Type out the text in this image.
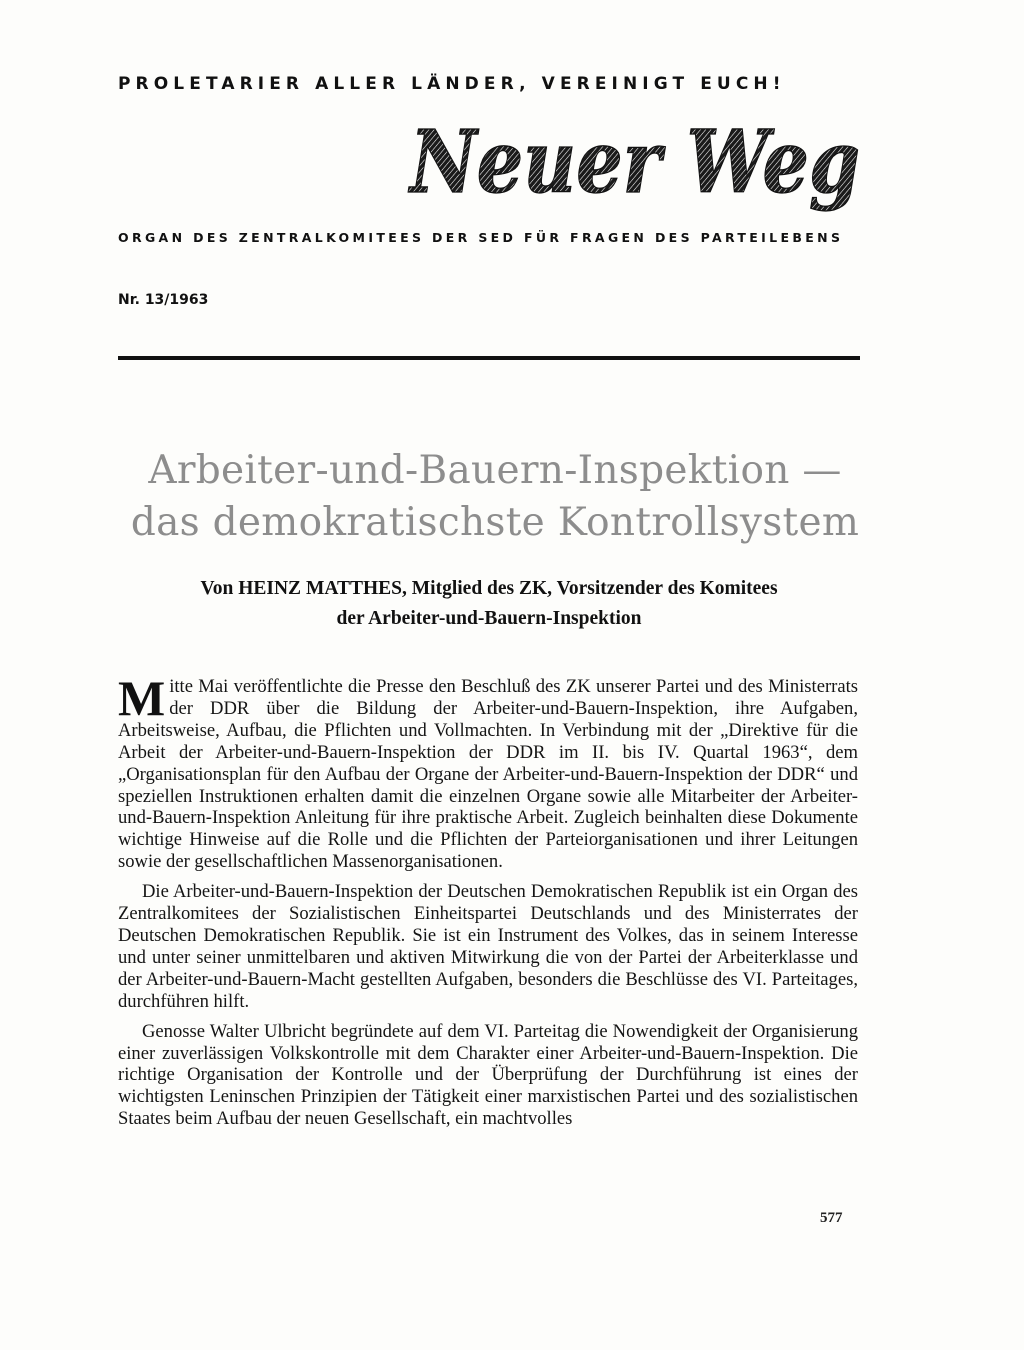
PROLETARIER ALLER LÄNDER, VEREINIGT EUCH!
Neuer Weg
ORGAN DES ZENTRALKOMITEES DER SED FÜR FRAGEN DES PARTEILEBENS
Nr. 13/1963
Arbeiter-und-Bauern-Inspektion —
das demokratischste Kontrollsystem
Von HEINZ MATTHES, Mitglied des ZK, Vorsitzender des Komitees
der Arbeiter-und-Bauern-Inspektion

Mitte Mai veröffentlichte die Presse den Beschluß des ZK unserer Partei und des Ministerrats der DDR über die Bildung der Arbeiter-und-Bauern-Inspektion, ihre Aufgaben, Arbeitsweise, Aufbau, die Pflichten und Vollmachten. In Verbindung mit der „Direktive für die Arbeit der Arbeiter-und-Bauern-Inspektion der DDR im II. bis IV. Quartal 1963“, dem „Organisationsplan für den Aufbau der Organe der Arbeiter-und-Bauern-Inspektion der DDR“ und speziellen Instruktionen erhalten damit die einzelnen Organe sowie alle Mitarbeiter der Arbeiter-und-Bauern-Inspektion Anleitung für ihre praktische Arbeit. Zugleich beinhalten diese Dokumente wichtige Hinweise auf die Rolle und die Pflichten der Parteiorganisationen und ihrer Leitungen sowie der gesellschaftlichen Massenorganisationen.

Die Arbeiter-und-Bauern-Inspektion der Deutschen Demokratischen Republik ist ein Organ des Zentralkomitees der Sozialistischen Einheitspartei Deutschlands und des Ministerrates der Deutschen Demokratischen Republik. Sie ist ein Instrument des Volkes, das in seinem Interesse und unter seiner unmittelbaren und aktiven Mitwirkung die von der Partei der Arbeiterklasse und der Arbeiter-und-Bauern-Macht gestellten Aufgaben, besonders die Beschlüsse des VI. Parteitages, durchführen hilft.

Genosse Walter Ulbricht begründete auf dem VI. Parteitag die Nowendigkeit der Organisierung einer zuverlässigen Volkskontrolle mit dem Charakter einer Arbeiter-und-Bauern-Inspektion. Die richtige Organisation der Kontrolle und der Überprüfung der Durchführung ist eines der wichtigsten Leninschen Prinzipien der Tätigkeit einer marxistischen Partei und des sozialistischen Staates beim Aufbau der neuen Gesellschaft, ein machtvolles

577
